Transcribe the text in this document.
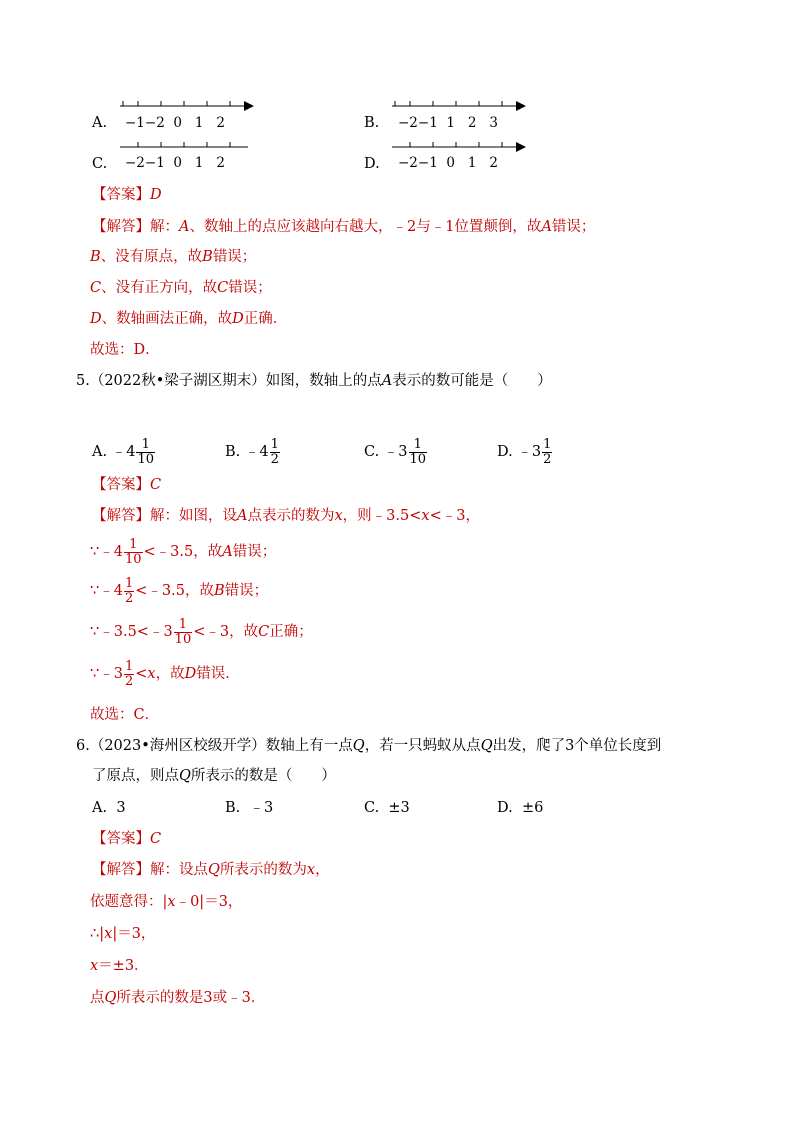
A. −1−2 0 1 2	B. −2−1 1 2 3
C. −2−1 0 1 2	D. −2−1 0 1 2
【答案】D
【解答】解：A、数轴上的点应该越向右越大，﹣2与﹣1位置颠倒，故A错误；
B、没有原点，故B错误；
C、没有正方向，故C错误；
D、数轴画法正确，故D正确．
故选：D．
5.（2022秋•梁子湖区期末）如图，数轴上的点A表示的数可能是（　　）
A. ﹣4 $\frac{1}{10}$	B. ﹣4 $\frac{1}{2}$	C. ﹣3 $\frac{1}{10}$	D. ﹣3 $\frac{1}{2}$
【答案】C
【解答】解：如图，设A点表示的数为x，则﹣3.5<x<﹣3，
∵﹣4 $\frac{1}{10}$ <﹣3.5，故A错误；
∵﹣4 $\frac{1}{2}$ <﹣3.5，故B错误；
∵﹣3.5<﹣3 $\frac{1}{10}$ <﹣3，故C正确；
∵﹣3 $\frac{1}{2} <x$，故D错误．
故选：C．
6.（2023•海州区校级开学）数轴上有一点Q，若一只蚂蚁从点Q出发，爬了3个单位长度到
了原点，则点Q所表示的数是（　　）
A. 3	B. ﹣3	C. ±3	D. ±6
【答案】C
【解答】解：设点Q所表示的数为x，
依题意得：|x﹣0|＝3，
∴|x|＝3，
x＝±3．
点Q所表示的数是3或﹣3．
